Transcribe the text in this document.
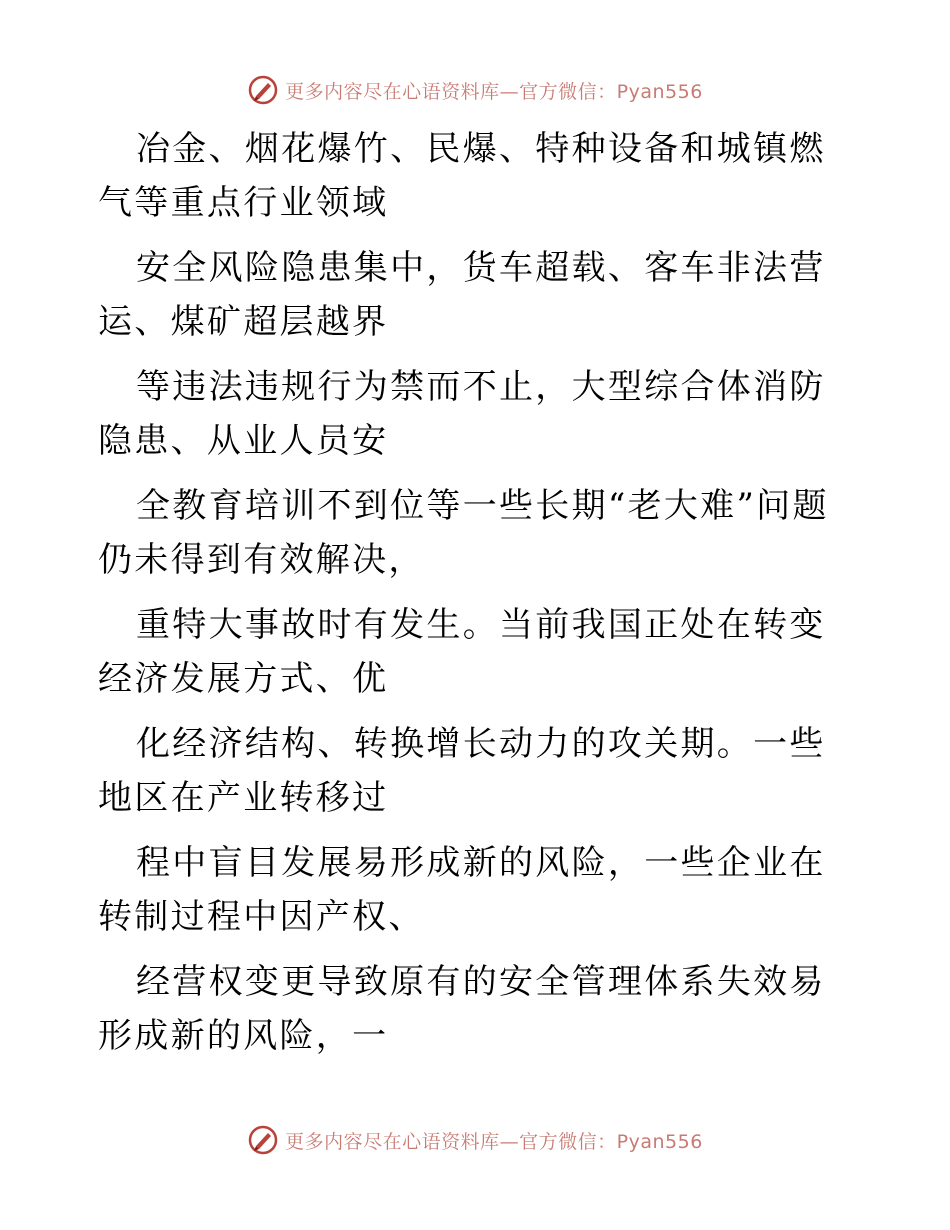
更多内容尽在心语资料库—官方微信：Pyan556

冶金、烟花爆竹、民爆、特种设备和城镇燃气等重点行业领域

安全风险隐患集中，货车超载、客车非法营运、煤矿超层越界

等违法违规行为禁而不止，大型综合体消防隐患、从业人员安

全教育培训不到位等一些长期“老大难”问题仍未得到有效解决，

重特大事故时有发生。当前我国正处在转变经济发展方式、优

化经济结构、转换增长动力的攻关期。一些地区在产业转移过

程中盲目发展易形成新的风险，一些企业在转制过程中因产权、

经营权变更导致原有的安全管理体系失效易形成新的风险，一

更多内容尽在心语资料库—官方微信：Pyan556
